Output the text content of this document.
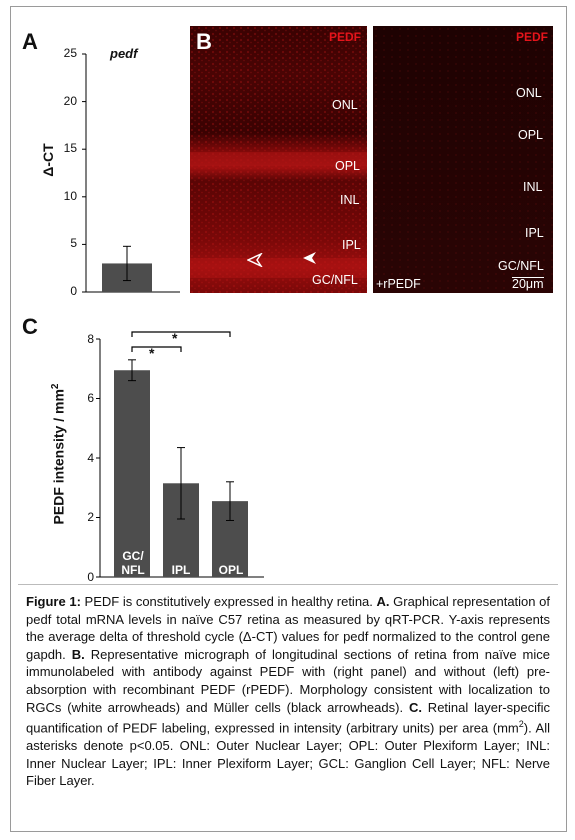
A	pedf
Δ-CT
25
20
15
10
5
0
B	PEDF
ONL
OPL
INL
IPL
GC/NFL
PEDF
ONL
OPL
INL
IPL
GC/NFL
+rPEDF	20μm
C
PEDF intensity / $mm^2$
8
6
4
2
0
GC/
NFL	IPL	OPL
*
*
Figure 1: PEDF is constitutively expressed in healthy retina. A. Graphical representation of pedf total mRNA levels in naïve C57 retina as measured by qRT-PCR. Y-axis represents the average delta of threshold cycle (Δ-CT) values for pedf normalized to the control gene gapdh. B. Representative micrograph of longitudinal sections of retina from naïve mice immunolabeled with antibody against PEDF with (right panel) and without (left) pre-absorption with recombinant PEDF (rPEDF). Morphology consistent with localization to RGCs (white arrowheads) and Müller cells (black arrowheads). C. Retinal layer-specific quantification of PEDF labeling, expressed in intensity (arbitrary units) per area $(mm^2)$. All asterisks denote p<0.05. ONL: Outer Nuclear Layer; OPL: Outer Plexiform Layer; INL: Inner Nuclear Layer; IPL: Inner Plexiform Layer; GCL: Ganglion Cell Layer; NFL: Nerve Fiber Layer.
